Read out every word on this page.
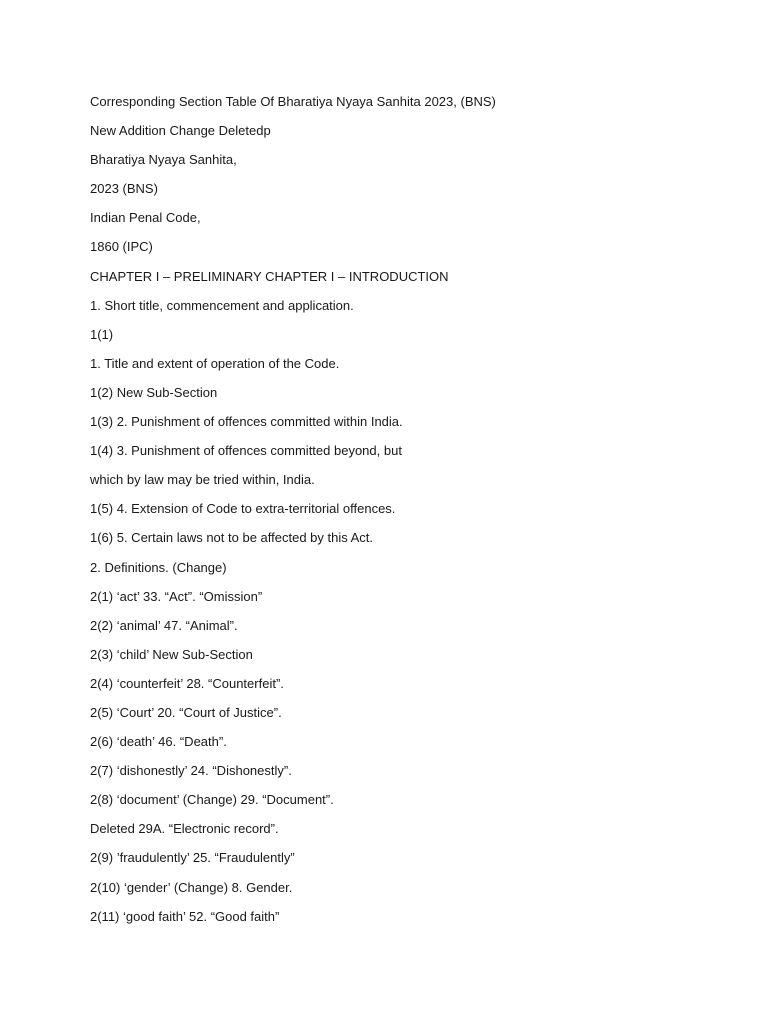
Corresponding Section Table Of Bharatiya Nyaya Sanhita 2023, (BNS)

New Addition Change Deletedp

Bharatiya Nyaya Sanhita,

2023 (BNS)

Indian Penal Code,

1860 (IPC)

CHAPTER I – PRELIMINARY CHAPTER I – INTRODUCTION

1. Short title, commencement and application.

1(1)

1. Title and extent of operation of the Code.

1(2) New Sub-Section

1(3) 2. Punishment of offences committed within India.

1(4) 3. Punishment of offences committed beyond, but

which by law may be tried within, India.

1(5) 4. Extension of Code to extra-territorial offences.

1(6) 5. Certain laws not to be affected by this Act.

2. Definitions. (Change)

2(1) ‘act’ 33. “Act”. “Omission”

2(2) ‘animal’ 47. “Animal”.

2(3) ‘child’ New Sub-Section

2(4) ‘counterfeit’ 28. “Counterfeit”.

2(5) ‘Court’ 20. “Court of Justice”.

2(6) ‘death’ 46. “Death”.

2(7) ‘dishonestly’ 24. “Dishonestly”.

2(8) ‘document’ (Change) 29. “Document”.

Deleted 29A. “Electronic record”.

2(9) ’fraudulently’ 25. “Fraudulently”

2(10) ‘gender’ (Change) 8. Gender.

2(11) ‘good faith’ 52. “Good faith”
